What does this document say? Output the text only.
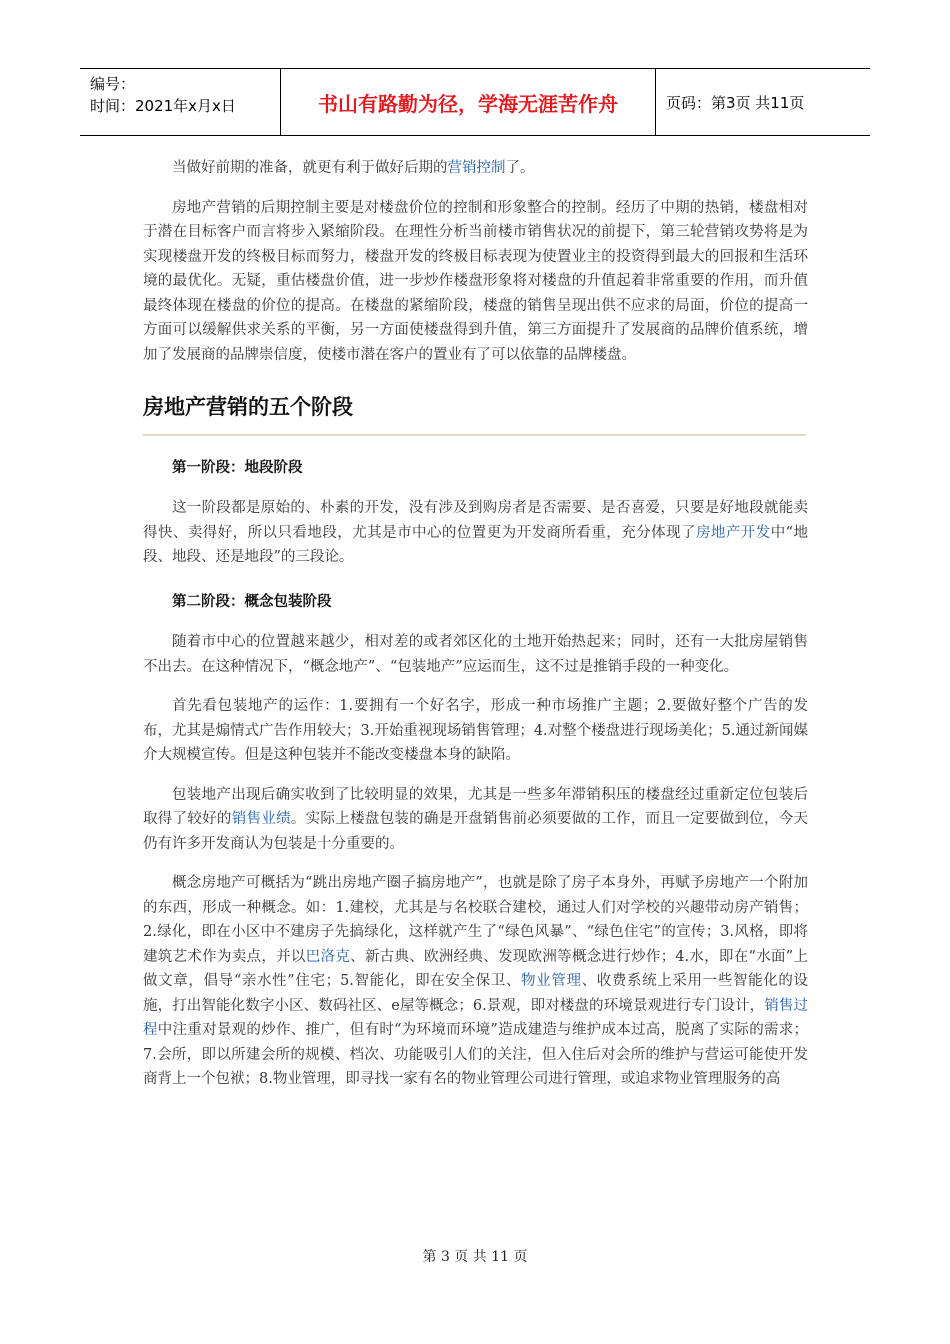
编号：
时间：2021年x月x日	书山有路勤为径，学海无涯苦作舟	页码：第3页 共11页

当做好前期的准备，就更有利于做好后期的营销控制了。

房地产营销的后期控制主要是对楼盘价位的控制和形象整合的控制。经历了中期的热销，楼盘相对于潜在目标客户而言将步入紧缩阶段。在理性分析当前楼市销售状况的前提下，第三轮营销攻势将是为实现楼盘开发的终极目标而努力，楼盘开发的终极目标表现为使置业主的投资得到最大的回报和生活环境的最优化。无疑，重估楼盘价值，进一步炒作楼盘形象将对楼盘的升值起着非常重要的作用，而升值最终体现在楼盘的价位的提高。在楼盘的紧缩阶段，楼盘的销售呈现出供不应求的局面，价位的提高一方面可以缓解供求关系的平衡，另一方面使楼盘得到升值，第三方面提升了发展商的品牌价值系统，增加了发展商的品牌崇信度，使楼市潜在客户的置业有了可以依靠的品牌楼盘。

房地产营销的五个阶段
第一阶段：地段阶段

这一阶段都是原始的、朴素的开发，没有涉及到购房者是否需要、是否喜爱，只要是好地段就能卖得快、卖得好，所以只看地段，尤其是市中心的位置更为开发商所看重，充分体现了房地产开发中“地段、地段、还是地段”的三段论。

第二阶段：概念包装阶段

随着市中心的位置越来越少，相对差的或者郊区化的土地开始热起来；同时，还有一大批房屋销售不出去。在这种情况下，“概念地产”、“包装地产”应运而生，这不过是推销手段的一种变化。

首先看包装地产的运作：1.要拥有一个好名字，形成一种市场推广主题；2.要做好整个广告的发布，尤其是煽情式广告作用较大；3.开始重视现场销售管理；4.对整个楼盘进行现场美化；5.通过新闻媒介大规模宣传。但是这种包装并不能改变楼盘本身的缺陷。

包装地产出现后确实收到了比较明显的效果，尤其是一些多年滞销积压的楼盘经过重新定位包装后取得了较好的销售业绩。实际上楼盘包装的确是开盘销售前必须要做的工作，而且一定要做到位，今天仍有许多开发商认为包装是十分重要的。

概念房地产可概括为“跳出房地产圈子搞房地产”，也就是除了房子本身外，再赋予房地产一个附加的东西，形成一种概念。如：1.建校，尤其是与名校联合建校，通过人们对学校的兴趣带动房产销售；2.绿化，即在小区中不建房子先搞绿化，这样就产生了“绿色风暴”、“绿色住宅”的宣传；3.风格，即将建筑艺术作为卖点，并以巴洛克、新古典、欧洲经典、发现欧洲等概念进行炒作；4.水，即在“水面”上做文章，倡导“亲水性”住宅；5.智能化，即在安全保卫、物业管理、收费系统上采用一些智能化的设施，打出智能化数字小区、数码社区、e屋等概念；6.景观，即对楼盘的环境景观进行专门设计，销售过程中注重对景观的炒作、推广，但有时“为环境而环境”造成建造与维护成本过高，脱离了实际的需求；7.会所，即以所建会所的规模、档次、功能吸引人们的关注，但入住后对会所的维护与营运可能使开发商背上一个包袱；8.物业管理，即寻找一家有名的物业管理公司进行管理，或追求物业管理服务的高

第 3 页 共 11 页
